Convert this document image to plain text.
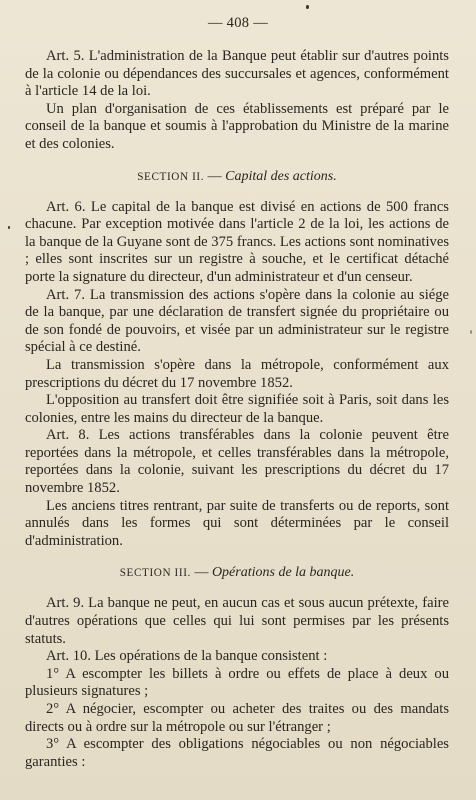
— 408 —

Art. 5. L'administration de la Banque peut établir sur d'autres points de la colonie ou dépendances des succursales et agences, conformément à l'article 14 de la loi.

Un plan d'organisation de ces établissements est préparé par le conseil de la banque et soumis à l'approbation du Ministre de la marine et des colonies.

SECTION II. — Capital des actions.

Art. 6. Le capital de la banque est divisé en actions de 500 francs chacune. Par exception motivée dans l'article 2 de la loi, les actions de la banque de la Guyane sont de 375 francs. Les actions sont nominatives ; elles sont inscrites sur un registre à souche, et le certificat détaché porte la signature du directeur, d'un administrateur et d'un censeur.

Art. 7. La transmission des actions s'opère dans la colonie au siége de la banque, par une déclaration de transfert signée du propriétaire ou de son fondé de pouvoirs, et visée par un administrateur sur le registre spécial à ce destiné.

La transmission s'opère dans la métropole, conformément aux prescriptions du décret du 17 novembre 1852.

L'opposition au transfert doit être signifiée soit à Paris, soit dans les colonies, entre les mains du directeur de la banque.

Art. 8. Les actions transférables dans la colonie peuvent être reportées dans la métropole, et celles transférables dans la métropole, reportées dans la colonie, suivant les prescriptions du décret du 17 novembre 1852.

Les anciens titres rentrant, par suite de transferts ou de reports, sont annulés dans les formes qui sont déterminées par le conseil d'administration.

SECTION III. — Opérations de la banque.

Art. 9. La banque ne peut, en aucun cas et sous aucun prétexte, faire d'autres opérations que celles qui lui sont permises par les présents statuts.

Art. 10. Les opérations de la banque consistent :

1° A escompter les billets à ordre ou effets de place à deux ou plusieurs signatures ;

2° A négocier, escompter ou acheter des traites ou des mandats directs ou à ordre sur la métropole ou sur l'étranger ;

3° A escompter des obligations négociables ou non négociables garanties :
